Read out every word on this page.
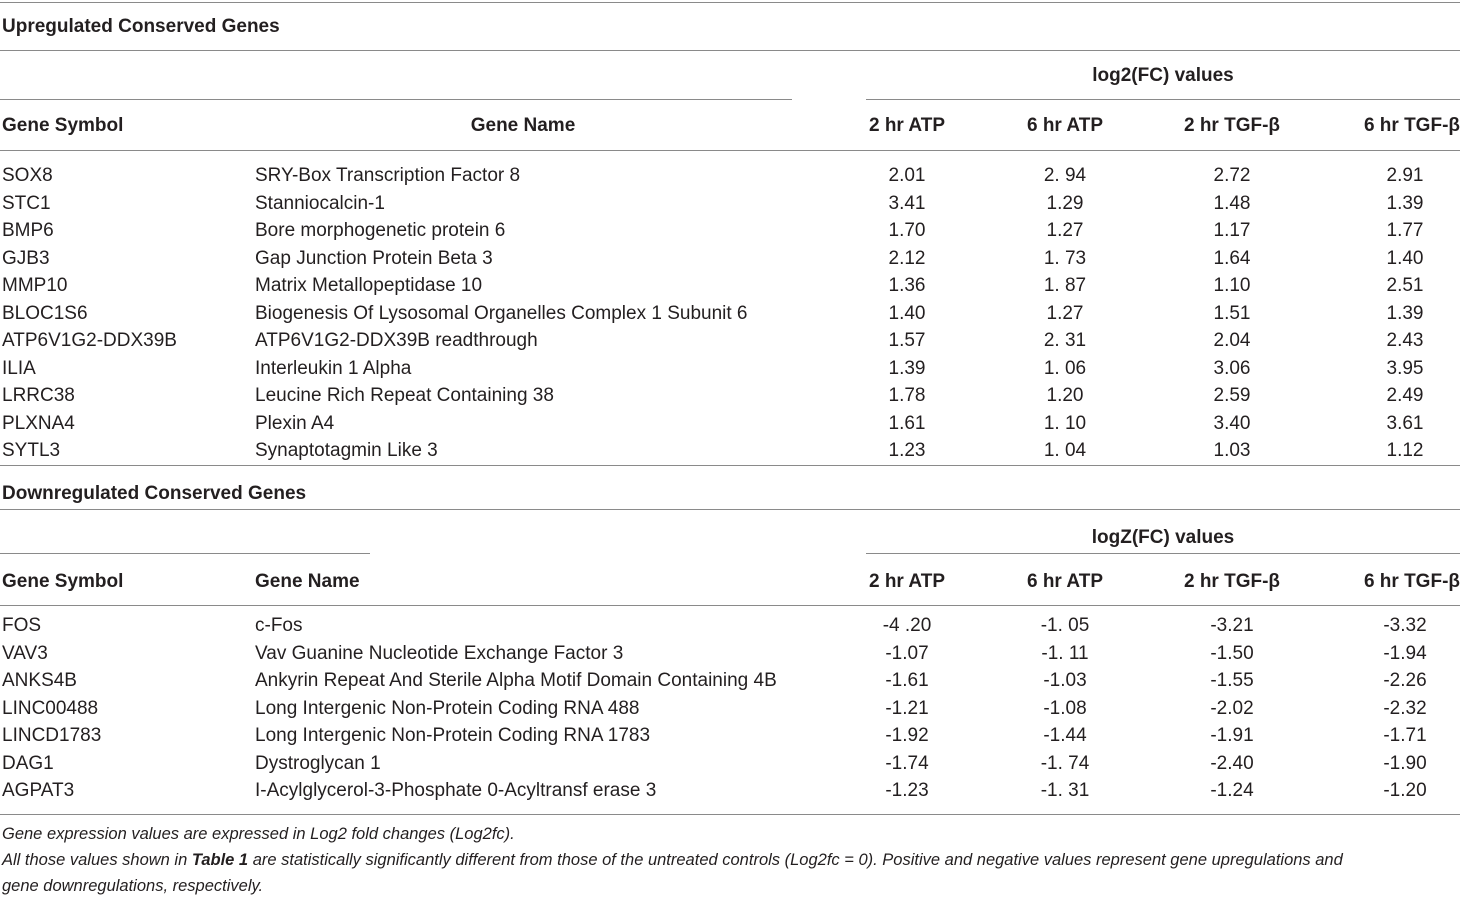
Upregulated Conserved Genes
log2(FC) values
Gene Symbol	Gene Name	2 hr ATP	6 hr ATP	2 hr TGF-β	6 hr TGF-β
SOX8	SRY-Box Transcription Factor 8	2.01	2. 94	2.72	2.91
STC1	Stanniocalcin-1	3.41	1.29	1.48	1.39
BMP6	Bore morphogenetic protein 6	1.70	1.27	1.17	1.77
GJB3	Gap Junction Protein Beta 3	2.12	1. 73	1.64	1.40
MMP10	Matrix Metallopeptidase 10	1.36	1. 87	1.10	2.51
BLOC1S6	Biogenesis Of Lysosomal Organelles Complex 1 Subunit 6	1.40	1.27	1.51	1.39
ATP6V1G2-DDX39B	ATP6V1G2-DDX39B readthrough	1.57	2. 31	2.04	2.43
ILIA	Interleukin 1 Alpha	1.39	1. 06	3.06	3.95
LRRC38	Leucine Rich Repeat Containing 38	1.78	1.20	2.59	2.49
PLXNA4	Plexin A4	1.61	1. 10	3.40	3.61
SYTL3	Synaptotagmin Like 3	1.23	1. 04	1.03	1.12
Downregulated Conserved Genes
logZ(FC) values
Gene Symbol	Gene Name	2 hr ATP	6 hr ATP	2 hr TGF-β	6 hr TGF-β
FOS	c-Fos	-4 .20	-1. 05	-3.21	-3.32
VAV3	Vav Guanine Nucleotide Exchange Factor 3	-1.07	-1. 11	-1.50	-1.94
ANKS4B	Ankyrin Repeat And Sterile Alpha Motif Domain Containing 4B	-1.61	-1.03	-1.55	-2.26
LINC00488	Long Intergenic Non-Protein Coding RNA 488	-1.21	-1.08	-2.02	-2.32
LINCD1783	Long Intergenic Non-Protein Coding RNA 1783	-1.92	-1.44	-1.91	-1.71
DAG1	Dystroglycan 1	-1.74	-1. 74	-2.40	-1.90
AGPAT3	I-Acylglycerol-3-Phosphate 0-Acyltransf erase 3	-1.23	-1. 31	-1.24	-1.20
Gene expression values are expressed in Log2 fold changes (Log2fc).
All those values shown in Table 1 are statistically significantly different from those of the untreated controls (Log2fc = 0). Positive and negative values represent gene upregulations and
gene downregulations, respectively.
